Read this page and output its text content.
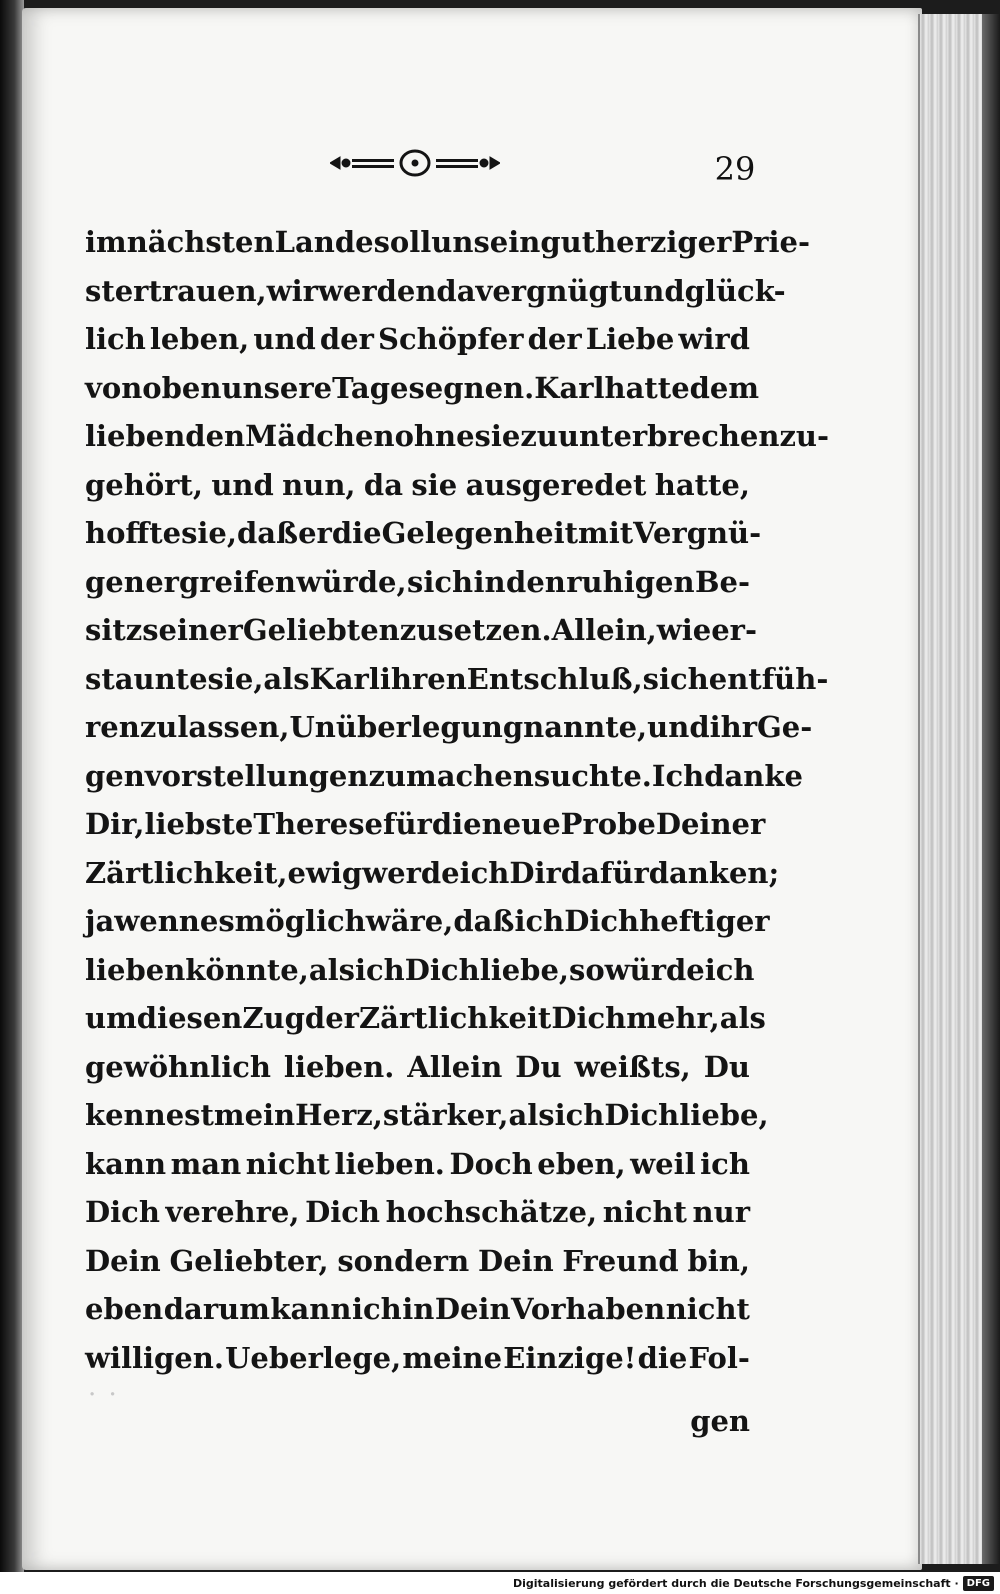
29
im nächsten Lande soll uns ein gutherziger Prie-
ster trauen, wir werden da vergnügt und glück-
lich leben, und der Schöpfer der Liebe wird
von oben unsere Tage segnen. Karl hatte dem
liebenden Mädchen ohne sie zu unterbrechen zu-
gehört, und nun, da sie ausgeredet hatte,
hoffte sie, daß er die Gelegenheit mit Vergnü-
gen ergreifen würde, sich in den ruhigen Be-
sitz seiner Geliebten zu setzen. Allein, wie er-
staunte sie, als Karl ihren Entschluß, sich entfüh-
ren zu lassen, Unüberlegung nannte, und ihr Ge-
genvorstellungen zu machen suchte. Ich danke
Dir, liebste Therese für die neue Probe Deiner
Zärtlichkeit, ewig werde ich Dir dafür danken;
ja wenn es möglich wäre, daß ich Dich heftiger
lieben könnte, als ich Dich liebe, so würde ich
um diesen Zug der Zärtlichkeit Dich mehr, als
gewöhnlich lieben. Allein Du weißts, Du
kennest mein Herz, stärker, als ich Dich liebe,
kann man nicht lieben. Doch eben, weil ich
Dich verehre, Dich hochschätze, nicht nur
Dein Geliebter, sondern Dein Freund bin,
eben darum kann ich in Dein Vorhaben nicht
willigen. Ueberlege, meine Einzige! die Fol-
· ·
gen
Digitalisierung gefördert durch die Deutsche Forschungsgemeinschaft · DFG
